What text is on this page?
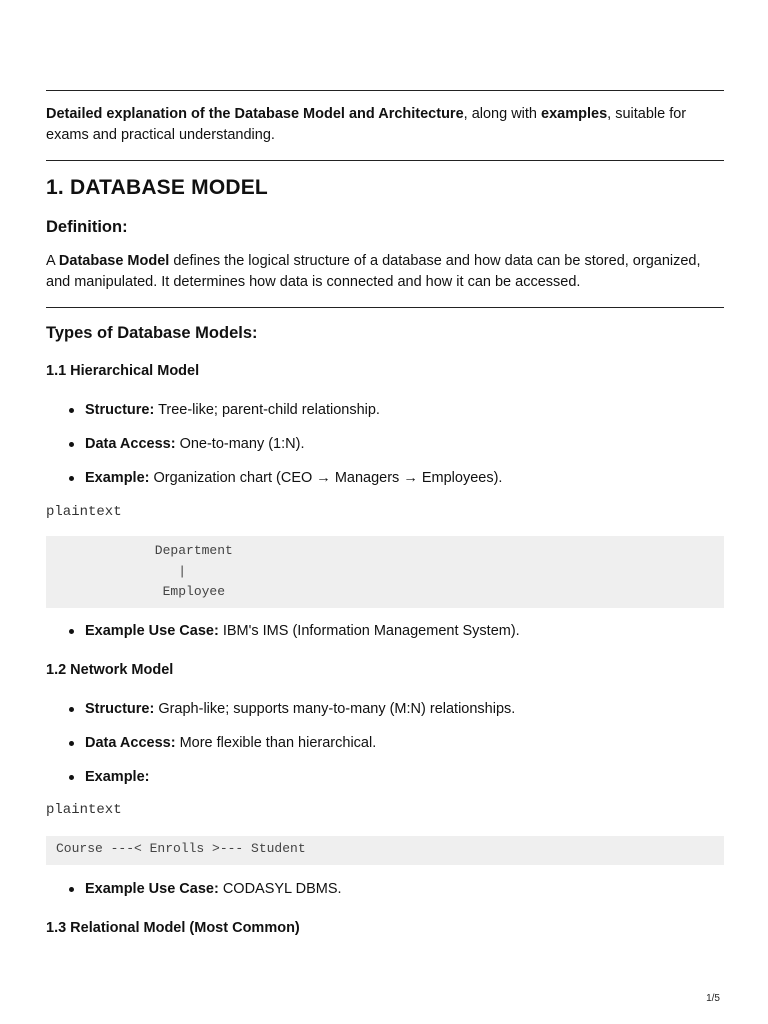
Detailed explanation of the Database Model and Architecture, along with examples, suitable for exams and practical understanding.

1. DATABASE MODEL
Definition:

A Database Model defines the logical structure of a database and how data can be stored, organized, and manipulated. It determines how data is connected and how it can be accessed.

Types of Database Models:
1.1 Hierarchical Model
Structure: Tree-like; parent-child relationship.
Data Access: One-to-many (1:N).
Example: Organization chart (CEO → Managers → Employees).

plaintext

Department
|
Employee
Example Use Case: IBM's IMS (Information Management System).
1.2 Network Model
Structure: Graph-like; supports many-to-many (M:N) relationships.
Data Access: More flexible than hierarchical.
Example:

plaintext

Course ---< Enrolls >--- Student
Example Use Case: CODASYL DBMS.
1.3 Relational Model (Most Common)
1/5
